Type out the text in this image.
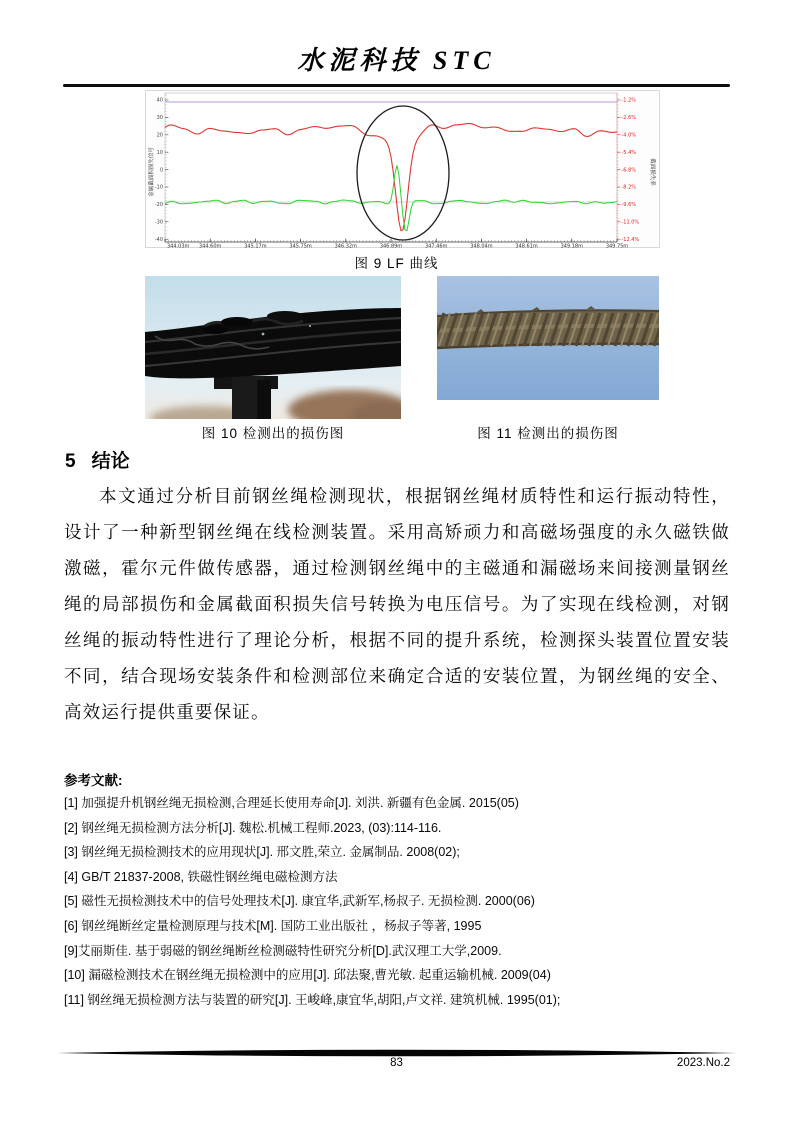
水泥科技 STC
40
30
20
10
0
-10
-20
-30
-40
-1.2%
-2.6%
-4.0%
-5.4%
-6.8%
-8.2%
-9.6%
-11.0%
-12.4%
344.03m 344.60m	345.17m	345.75m	346.32m	346.89m	347.46m	348.04m	348.61m	349.18m	349.75m
金属截面积损失信号	截面损失率
图 9 LF 曲线
图 10 检测出的损伤图	图 11 检测出的损伤图
5 结论
本文通过分析目前钢丝绳检测现状，根据钢丝绳材质特性和运行振动特性，设计了一种新型钢丝绳在线检测装置。采用高矫顽力和高磁场强度的永久磁铁做激磁，霍尔元件做传感器，通过检测钢丝绳中的主磁通和漏磁场来间接测量钢丝绳的局部损伤和金属截面积损失信号转换为电压信号。为了实现在线检测，对钢丝绳的振动特性进行了理论分析，根据不同的提升系统，检测探头装置位置安装不同，结合现场安装条件和检测部位来确定合适的安装位置，为钢丝绳的安全、高效运行提供重要保证。
参考文献:
[1] 加强提升机钢丝绳无损检测,合理延长使用寿命[J]. 刘洪. 新疆有色金属. 2015(05)
[2] 钢丝绳无损检测方法分析[J]. 魏松.机械工程师.2023, (03):114-116.
[3] 钢丝绳无损检测技术的应用现状[J]. 邢文胜,荣立. 金属制品. 2008(02);
[4] GB/T 21837-2008, 铁磁性钢丝绳电磁检测方法
[5] 磁性无损检测技术中的信号处理技术[J]. 康宜华,武新军,杨叔子. 无损检测. 2000(06)
[6] 钢丝绳断丝定量检测原理与技术[M]. 国防工业出版社 ，杨叔子等著, 1995
[9]艾丽斯佳. 基于弱磁的钢丝绳断丝检测磁特性研究分析[D].武汉理工大学,2009.
[10] 漏磁检测技术在钢丝绳无损检测中的应用[J]. 邱法聚,曹光敏. 起重运输机械. 2009(04)
[11] 钢丝绳无损检测方法与装置的研究[J]. 王峻峰,康宜华,胡阳,卢文祥. 建筑机械. 1995(01);
83	2023.No.2
